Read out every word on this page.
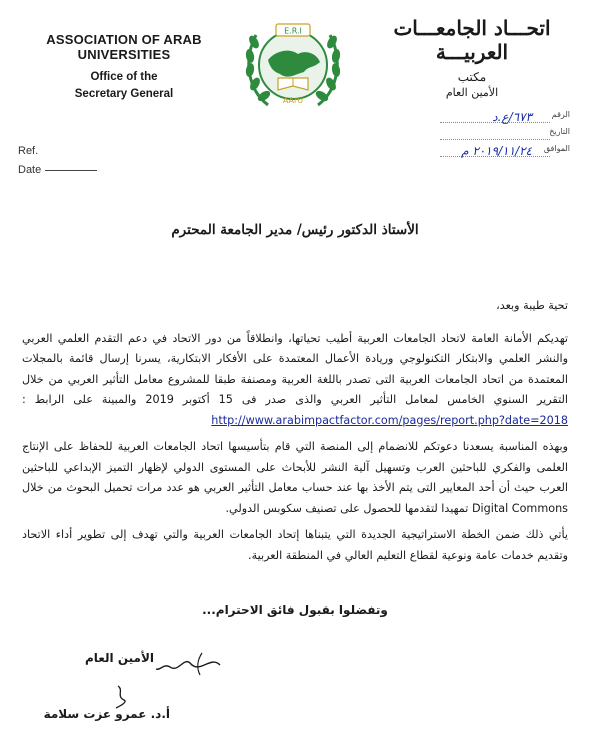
ASSOCIATION OF ARAB UNIVERSITIES
Office of the
Secretary General
E.R.I
AArU
اتحـــاد الجامعـــات العربيـــة
مكتب
الأمين العام
الرقم
٦٧٣/ع.د
التاريخ
الموافق
٢٠١٩/١١/٢٤ م
Ref.
Date
الأستاذ الدكتور رئيس/ مدير الجامعة المحترم

تحية طيبة وبعد،

تهديكم الأمانة العامة لاتحاد الجامعات العربية أطيب تحياتها، وانطلاقاً من دور الاتحاد في دعم التقدم العلمي العربي والنشر العلمي والابتكار التكنولوجي وريادة الأعمال المعتمدة على الأفكار الابتكارية، يسرنا إرسال قائمة بالمجلات المعتمدة من اتحاد الجامعات العربية التى تصدر باللغة العربية ومصنفة طبقا للمشروع معامل التأثير العربي من خلال التقرير السنوي الخامس لمعامل التأثير العربي والذى صدر فى 15 أكتوبر 2019 والمبينة على الرابط : http://www.arabimpactfactor.com/pages/report.php?date=2018

وبهذه المناسبة يسعدنا دعوتكم للانضمام إلى المنصة التي قام بتأسيسها اتحاد الجامعات العربية للحفاظ على الإنتاج العلمى والفكري للباحثين العرب وتسهيل آلية النشر للأبحاث على المستوى الدولي لإظهار التميز الإبداعي للباحثين العرب حيث أن أحد المعايير التى يتم الأخذ بها عند حساب معامل التأثير العربي هو عدد مرات تحميل البحوث من خلال Digital Commons تمهيدا لتقدمها للحصول على تصنيف سكوبس الدولي.

يأتي ذلك ضمن الخطة الاستراتيجية الجديدة التي يتبناها إتحاد الجامعات العربية والتي تهدف إلى تطوير أداء الاتحاد وتقديم خدمات عامة ونوعية لقطاع التعليم العالي في المنطقة العربية.

وتفضلوا بقبول فائق الاحترام...
الأمين العام
أ.د. عمرو عزت سلامة
